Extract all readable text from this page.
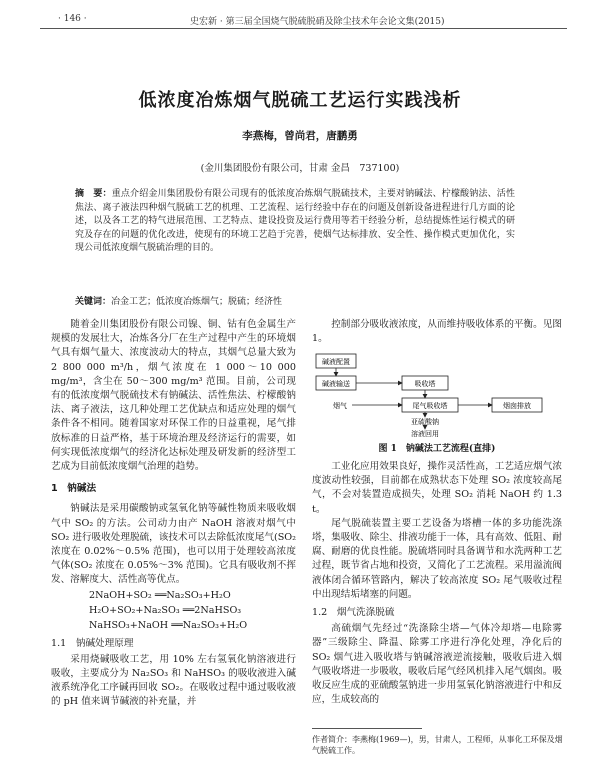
· 146 ·	史宏新 · 第三届全国烧气脱硫脱硝及除尘技术年会论文集(2015)
低浓度冶炼烟气脱硫工艺运行实践浅析
李燕梅，曾尚君，唐鹏勇
(金川集团股份有限公司，甘肃 金昌　737100)
摘　要：重点介绍金川集团股份有限公司现有的低浓度冶炼烟气脱硫技术，主要对钠碱法、柠檬酸钠法、活性焦法、离子液法四种烟气脱硫工艺的机理、工艺流程、运行经验中存在的问题及创新设备进程进行几方面的论述，以及各工艺的特气进展范围、工艺特点、建设投资及运行费用等若干经验分析，总结提炼性运行模式的研究及存在的问题的优化改进，使现有的环境工艺趋于完善，使烟气达标排放、安全性、操作模式更加优化，实现公司低浓度烟气脱硫治理的目的。
关键词：冶金工艺；低浓度冶炼烟气；脱硫；经济性

随着金川集团股份有限公司镍、铜、钴有色金属生产规模的发展壮大，冶炼各分厂在生产过程中产生的环境烟气具有烟气量大、浓度波动大的特点，其烟气总量大致为 2 800 000 m³/h，烟气浓度在 1 000～10 000 mg/m³，含尘在 50～300 mg/m³ 范围。目前，公司现有的低浓度烟气脱硫技术有钠碱法、活性焦法、柠檬酸钠法、离子液法，这几种处理工艺优缺点和适应处理的烟气条件各不相同。随着国家对环保工作的日益重视，尾气排放标准的日益严格，基于环境治理及经济运行的需要，如何实现低浓度烟气的经济化达标处理及研发新的经济型工艺成为目前低浓度烟气治理的趋势。

1　钠碱法

钠碱法是采用碳酸钠或氢氧化钠等碱性物质来吸收烟气中 SO₂ 的方法。公司动力由产 NaOH 溶液对烟气中 SO₂ 进行吸收处理脱硫，该技术可以去除低浓度尾气(SO₂ 浓度在 0.02%～0.5% 范围)，也可以用于处理较高浓度气体(SO₂ 浓度在 0.05%～3% 范围)。它具有吸收剂不挥发、溶解度大、活性高等优点。

2NaOH+SO₂ ══Na₂SO₃+H₂O
H₂O+SO₂+Na₂SO₃ ══2NaHSO₃
NaHSO₃+NaOH ══Na₂SO₃+H₂O
1.1　钠碱处理原理

采用烧碱吸收工艺，用 10% 左右氢氧化钠溶液进行吸收，主要成分为 Na₂SO₃ 和 NaHSO₃ 的吸收液进入碱液系统净化工序碱再回收 SO₂。在吸收过程中通过吸收液的 pH 值来调节碱液的补充量，并

控制部分吸收液浓度，从而维持吸收体系的平衡。见图 1。

碱液配置
碱液输送	吸收塔
烟囱排放
烟气	尾气吸收塔
亚硫酸钠
溶液回用
图 1　钠碱法工艺流程(直排)

工业化应用效果良好，操作灵活性高，工艺适应烟气浓度波动性较强，目前都在成熟状态下处理 SO₂ 浓度较高尾气，不会对装置造成损失，处理 SO₂ 消耗 NaOH 约 1.3 t。

尾气脱硫装置主要工艺设备为塔槽一体的多功能洗涤塔，集吸收、除尘、排液功能于一体，具有高效、低阻、耐腐、耐磨的优良性能。脱硫塔同时具备调节和水洗两种工艺过程，既节省占地和投资，又简化了工艺流程。采用溢流阀液体闭合循环管路内，解决了较高浓度 SO₂ 尾气吸收过程中出现结垢堵塞的问题。

1.2　烟气洗涤脱硫

高硫烟气先经过“洗涤除尘塔—气体冷却塔—电除雾器”三级除尘、降温、除雾工序进行净化处理，净化后的 SO₂ 烟气进入吸收塔与钠碱溶液逆流接触，吸收后进入烟气吸收塔进一步吸收，吸收后尾气经风机排入尾气烟囱。吸收反应生成的亚硫酸氢钠进一步用氢氧化钠溶液进行中和反应，生成较高的

作者简介：李燕梅(1969—)，男，甘肃人，工程师，从事化工环保及烟气脱硫工作。
